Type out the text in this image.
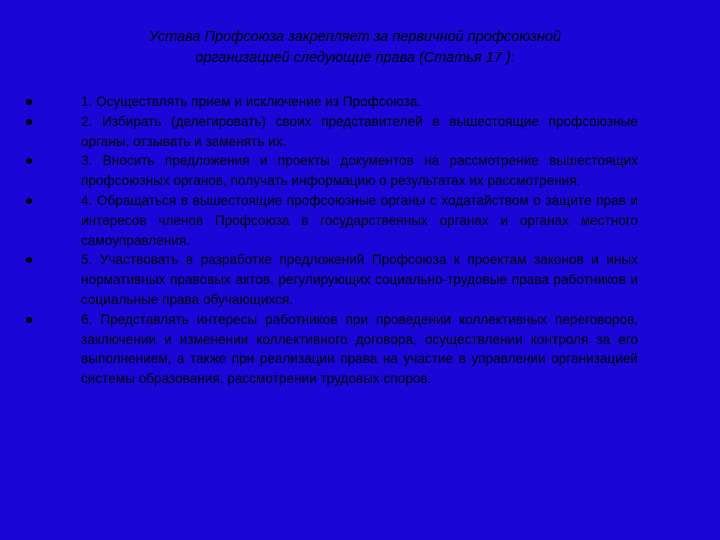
Устава Профсоюза закрепляет за первичной профсоюзной
организацией следующие права (Статья 17 ):
1. Осуществлять прием и исключение из Профсоюза.
2. Избирать (делегировать) своих представителей в вышестоящие профсоюзные органы, отзывать и заменять их.
3. Вносить предложения и проекты документов на рассмотрение вышестоящих профсоюзных органов, получать информацию о результатах их рассмотрения.
4. Обращаться в вышестоящие профсоюзные органы с ходатайством о защите прав и интересов членов Профсоюза в государственных органах и органах местного самоуправления.
5. Участвовать в разработке предложений Профсоюза к проектам законов и иных нормативных правовых актов, регулирующих социально-трудовые права работников и социальные права обучающихся.
6. Представлять интересы работников при проведении коллективных переговоров, заключении и изменении коллективного договора, осуществлении контроля за его выполнением, а также при реализации права на участие в управлении организацией системы образования, рассмотрении трудовых споров.
